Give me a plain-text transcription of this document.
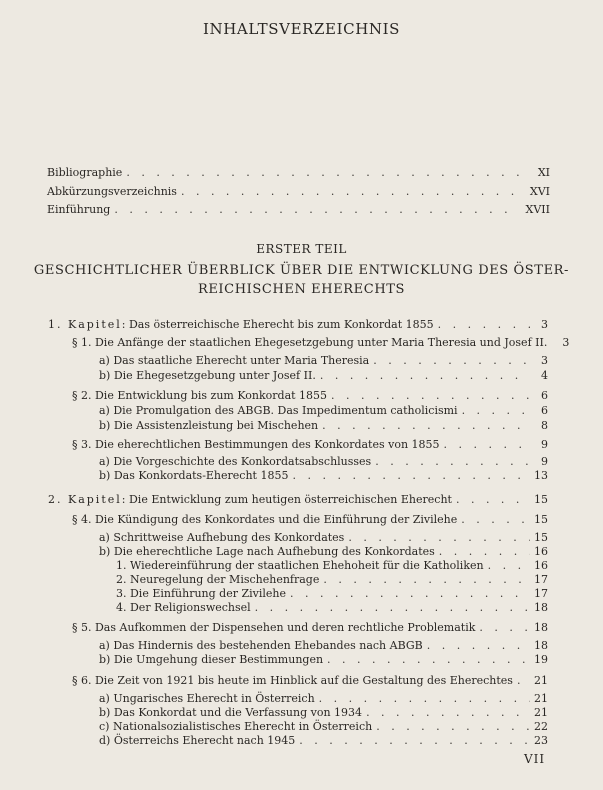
INHALTSVERZEICHNIS
Bibliographie . . .	XI
Abkürzungsverzeichnis . . .	XVI
Einführung . . .	XVII
ERSTER TEIL
GESCHICHTLICHER ÜBERBLICK ÜBER DIE ENTWICKLUNG DES ÖSTER-
REICHISCHEN EHERECHTS
1. Kapitel: Das österreichische Eherecht bis zum Konkordat 1855 . . .	3
§ 1. Die Anfänge der staatlichen Ehegesetzgebung unter Maria Theresia und Josef II.	3
a) Das staatliche Eherecht unter Maria Theresia . . .	3
b) Die Ehegesetzgebung unter Josef II. . . .	4
§ 2. Die Entwicklung bis zum Konkordat 1855 . . .	6
a) Die Promulgation des ABGB. Das Impedimentum catholicismi . . .	6
b) Die Assistenzleistung bei Mischehen . . .	8
§ 3. Die eherechtlichen Bestimmungen des Konkordates von 1855 . . .	9
a) Die Vorgeschichte des Konkordatsabschlusses . . .	9
b) Das Konkordats-Eherecht 1855 . . .	13
2. Kapitel: Die Entwicklung zum heutigen österreichischen Eherecht . . .	15
§ 4. Die Kündigung des Konkordates und die Einführung der Zivilehe . . .	15
a) Schrittweise Aufhebung des Konkordates . . .	15
b) Die eherechtliche Lage nach Aufhebung des Konkordates . . .	16
1. Wiedereinführung der staatlichen Ehehoheit für die Katholiken . . .	16
2. Neuregelung der Mischehenfrage . . .	17
3. Die Einführung der Zivilehe . . .	17
4. Der Religionswechsel . . .	18
§ 5. Das Aufkommen der Dispensehen und deren rechtliche Problematik . . .	18
a) Das Hindernis des bestehenden Ehebandes nach ABGB . . .	18
b) Die Umgehung dieser Bestimmungen . . .	19
§ 6. Die Zeit von 1921 bis heute im Hinblick auf die Gestaltung des Eherechtes . . . 21
a) Ungarisches Eherecht in Österreich . . .	21
b) Das Konkordat und die Verfassung von 1934 . . .	21
c) Nationalsozialistisches Eherecht in Österreich . . .	22
d) Österreichs Eherecht nach 1945 . . .	23
VII
